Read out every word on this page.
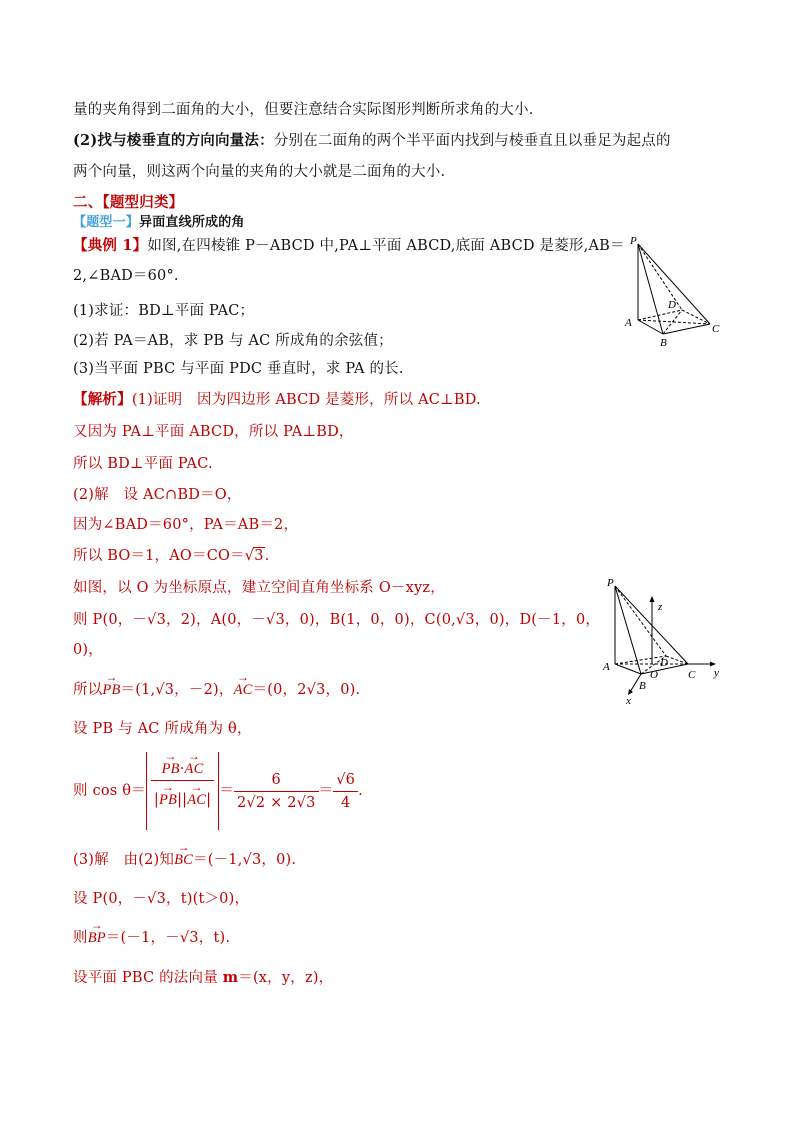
量的夹角得到二面角的大小，但要注意结合实际图形判断所求角的大小.
(2)找与棱垂直的方向向量法：分别在二面角的两个半平面内找到与棱垂直且以垂足为起点的
两个向量，则这两个向量的夹角的大小就是二面角的大小.
二、【题型归类】
【题型一】异面直线所成的角
【典例 1】如图,在四棱锥 P－ABCD 中,PA⊥平面 ABCD,底面 ABCD 是菱形,AB＝
2,∠BAD＝60°.
(1)求证：BD⊥平面 PAC；
(2)若 PA＝AB，求 PB 与 AC 所成角的余弦值；
(3)当平面 PBC 与平面 PDC 垂直时，求 PA 的长.
【解析】(1)证明　因为四边形 ABCD 是菱形，所以 AC⊥BD.
又因为 PA⊥平面 ABCD，所以 PA⊥BD，
所以 BD⊥平面 PAC.
(2)解　设 AC∩BD＝O，
因为∠BAD＝60°，PA＝AB＝2，
所以 BO＝1，AO＝CO＝√3.
如图，以 O 为坐标原点，建立空间直角坐标系 O－xyz，
则 P(0，－√3，2)，A(0，－√3，0)，B(1，0，0)，C(0,√3，0)，D(－1，0，
0)，
所以→ PB＝(1,√3，－2)，→ AC＝(0，2√3，0).
设 PB 与 AC 所成角为 θ，
则 cos θ＝
→ $\frac{PB\cdot\to AC}{|\to PB||\to AC|} = \frac{6}{2√2 \times 2√3} = \frac{√6}{4}$ .
(3)解　由(2)知→ BC＝(－1,√3，0).
设 P(0，－√3，t)(t＞0)，
则→ BP＝(－1，－√3，t).
设平面 PBC 的法向量 m＝(x，y，z)，
P
A
B
C
D
P
A
B
C
D
O
z
y
x
